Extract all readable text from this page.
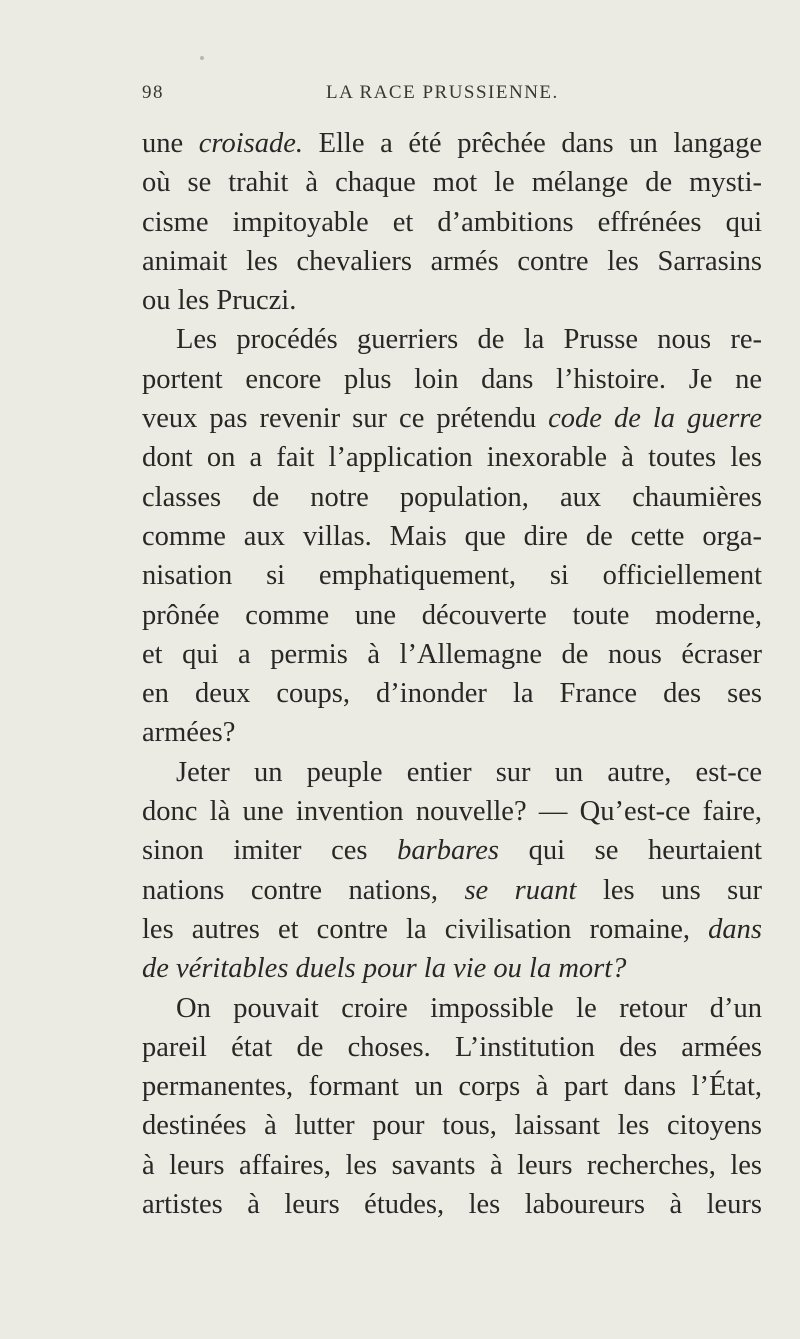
98	LA RACE PRUSSIENNE.
une croisade. Elle a été prêchée dans un langage
où se trahit à chaque mot le mélange de mysti-
cisme impitoyable et d’ambitions effrénées qui
animait les chevaliers armés contre les Sarrasins
ou les Pruczi.
Les procédés guerriers de la Prusse nous re-
portent encore plus loin dans l’histoire. Je ne
veux pas revenir sur ce prétendu code de la guerre
dont on a fait l’application inexorable à toutes les
classes de notre population, aux chaumières
comme aux villas. Mais que dire de cette orga-
nisation si emphatiquement, si officiellement
prônée comme une découverte toute moderne,
et qui a permis à l’Allemagne de nous écraser
en deux coups, d’inonder la France des ses
armées?
Jeter un peuple entier sur un autre, est-ce
donc là une invention nouvelle? — Qu’est-ce faire,
sinon imiter ces barbares qui se heurtaient
nations contre nations, se ruant les uns sur
les autres et contre la civilisation romaine, dans
de véritables duels pour la vie ou la mort?
On pouvait croire impossible le retour d’un
pareil état de choses. L’institution des armées
permanentes, formant un corps à part dans l’État,
destinées à lutter pour tous, laissant les citoyens
à leurs affaires, les savants à leurs recherches, les
artistes à leurs études, les laboureurs à leurs
